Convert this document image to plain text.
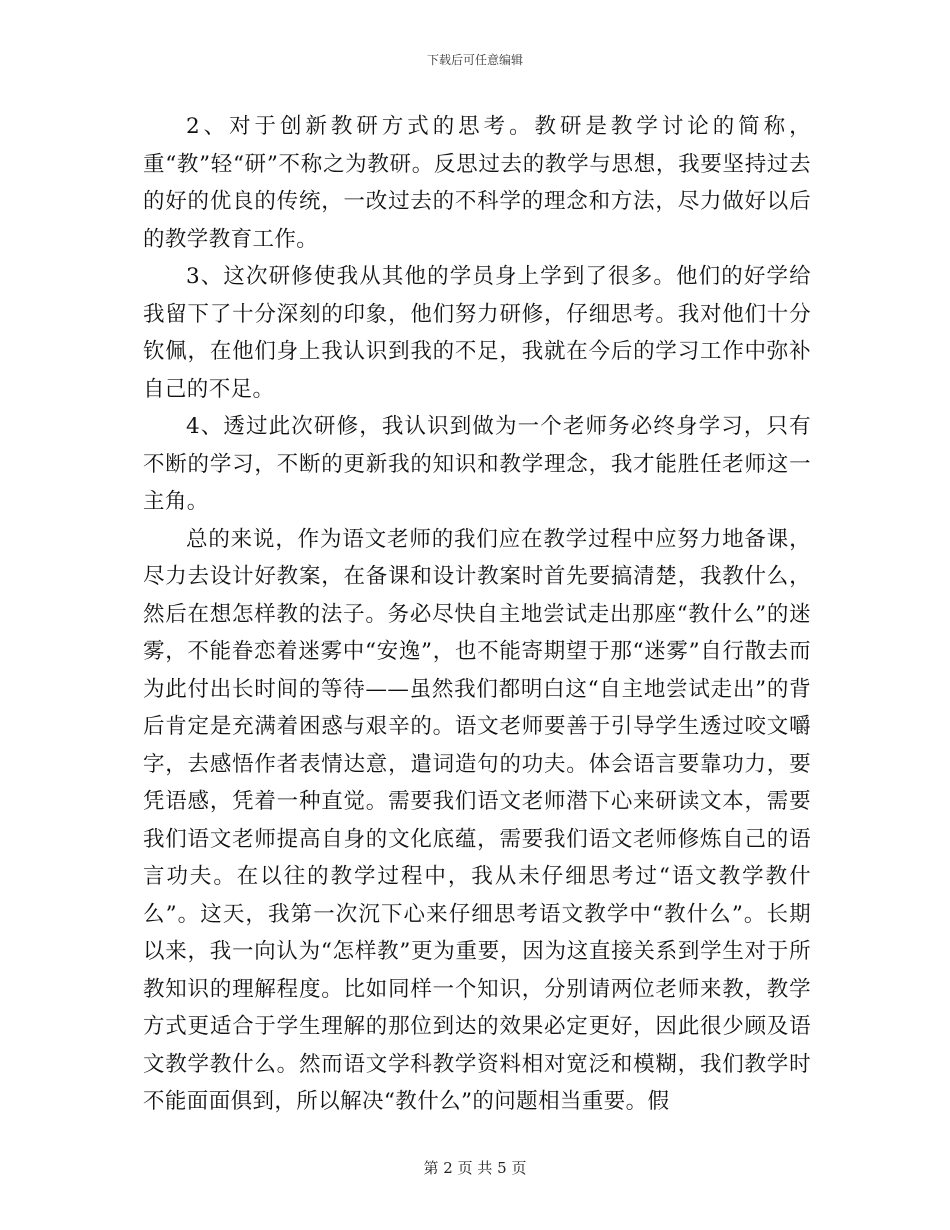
下载后可任意编辑

2、对于创新教研方式的思考。教研是教学讨论的简称，重“教”轻“研”不称之为教研。反思过去的教学与思想，我要坚持过去的好的优良的传统，一改过去的不科学的理念和方法，尽力做好以后的教学教育工作。

3、这次研修使我从其他的学员身上学到了很多。他们的好学给我留下了十分深刻的印象，他们努力研修，仔细思考。我对他们十分钦佩，在他们身上我认识到我的不足，我就在今后的学习工作中弥补自己的不足。

4、透过此次研修，我认识到做为一个老师务必终身学习，只有不断的学习，不断的更新我的知识和教学理念，我才能胜任老师这一主角。

总的来说，作为语文老师的我们应在教学过程中应努力地备课，尽力去设计好教案，在备课和设计教案时首先要搞清楚，我教什么，然后在想怎样教的法子。务必尽快自主地尝试走出那座“教什么”的迷雾，不能眷恋着迷雾中“安逸”，也不能寄期望于那“迷雾”自行散去而为此付出长时间的等待——虽然我们都明白这“自主地尝试走出”的背后肯定是充满着困惑与艰辛的。语文老师要善于引导学生透过咬文嚼字，去感悟作者表情达意，遣词造句的功夫。体会语言要靠功力，要凭语感，凭着一种直觉。需要我们语文老师潜下心来研读文本，需要我们语文老师提高自身的文化底蕴，需要我们语文老师修炼自己的语言功夫。在以往的教学过程中，我从未仔细思考过“语文教学教什么”。这天，我第一次沉下心来仔细思考语文教学中“教什么”。长期以来，我一向认为“怎样教”更为重要，因为这直接关系到学生对于所教知识的理解程度。比如同样一个知识，分别请两位老师来教，教学方式更适合于学生理解的那位到达的效果必定更好，因此很少顾及语文教学教什么。然而语文学科教学资料相对宽泛和模糊，我们教学时不能面面俱到，所以解决“教什么”的问题相当重要。假

第 2 页 共 5 页
